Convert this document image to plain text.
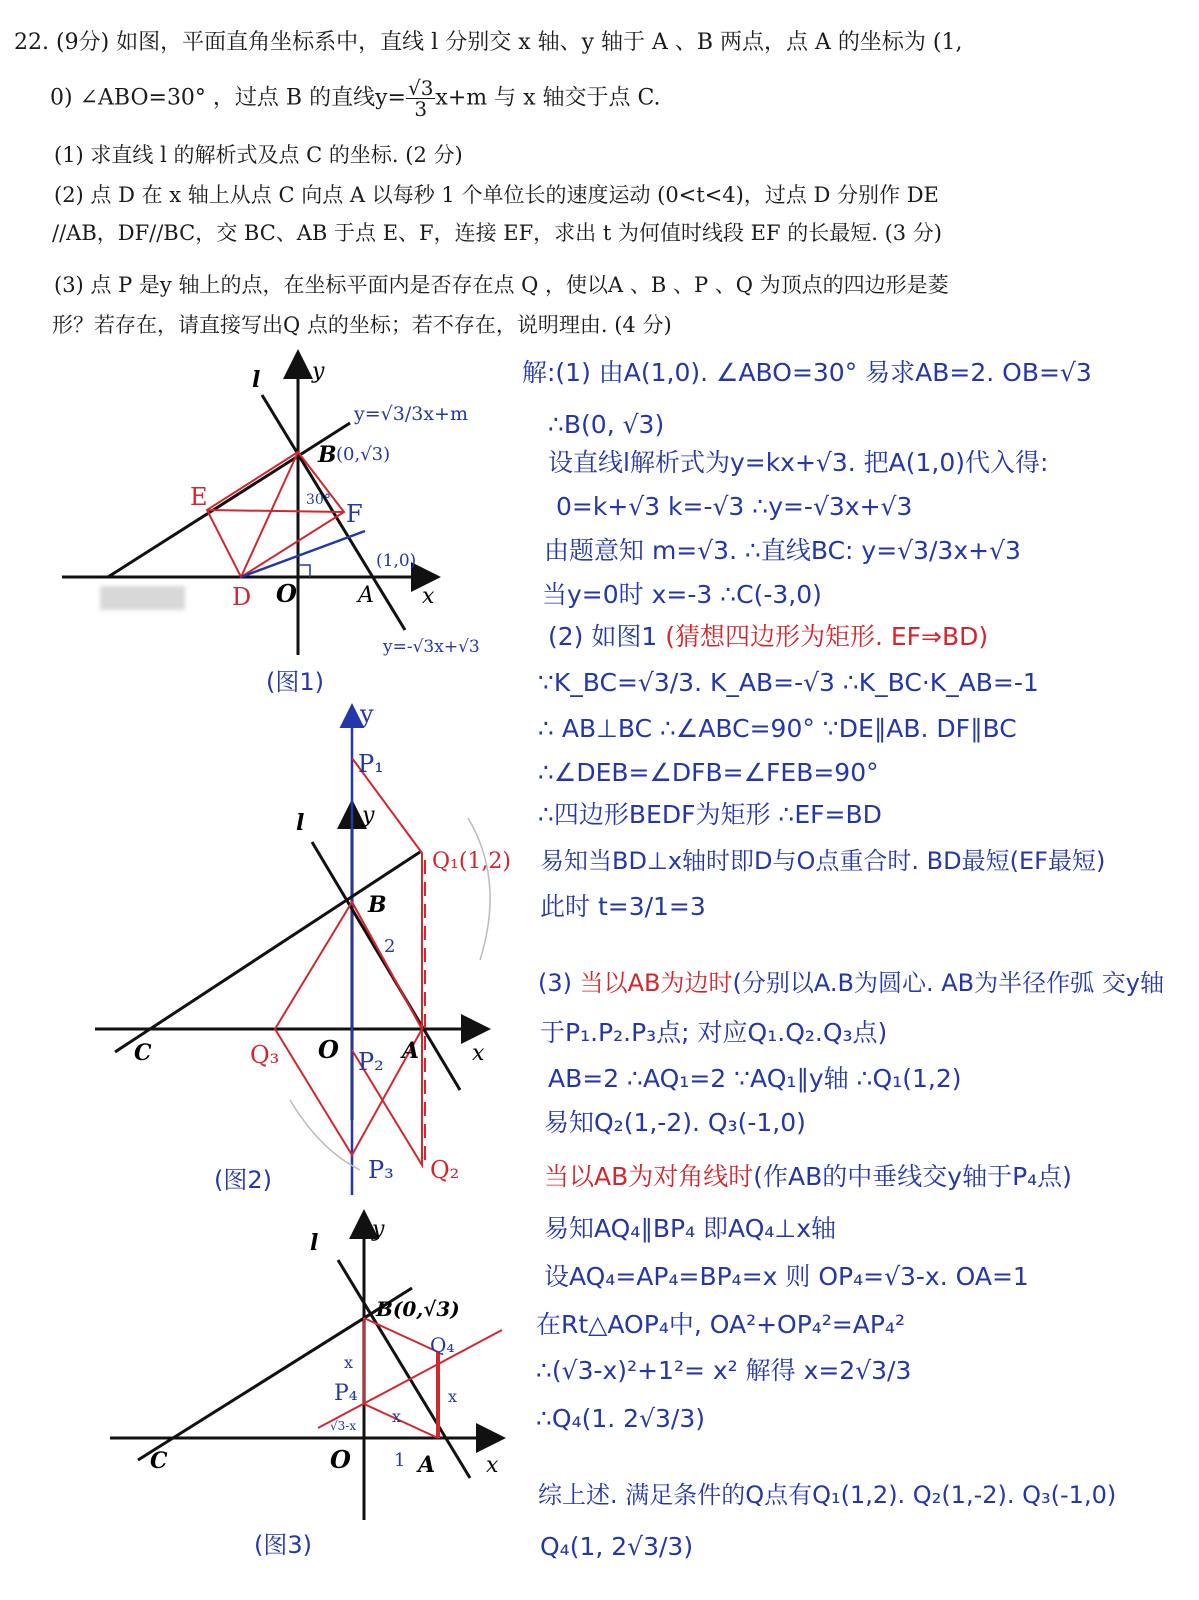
22. (9分) 如图，平面直角坐标系中，直线 l 分别交 x 轴、y 轴于 A 、B 两点，点 A 的坐标为 (1,
0) ∠ABO=30° ，过点 B 的直线$y= \frac{√3}{3} x+m$ 与 x 轴交于点 C.
(1) 求直线 l 的解析式及点 C 的坐标. (2 分)
(2) 点 D 在 x 轴上从点 C 向点 A 以每秒 1 个单位长的速度运动 (0<t<4)，过点 D 分别作 DE
//AB，DF//BC，交 BC、AB 于点 E、F，连接 EF，求出 t 为何值时线段 EF 的长最短. (3 分)
(3) 点 P 是y 轴上的点，在坐标平面内是否存在点 Q ，使以A 、B 、P 、Q 为顶点的四边形是菱
形？若存在，请直接写出Q 点的坐标；若不存在，说明理由. (4 分)
l y
x
O	A
B (0,√3)
(1,0)
30°
E
F
D
y=√3/3x+m
y=-√3x+√3
y
y
l
x
O	A
B
C
P₁
P₂
P₃
Q₁(1,2)
Q₂
Q₃
2
y
l
x
O	A
C
B(0,√3)
P₄
Q₄
x
x
x
1
√3-x
(图1)
(图2)
(图3)
解:(1) 由A(1,0). ∠ABO=30° 易求AB=2. OB=√3
∴B(0, √3)
设直线l解析式为y=kx+√3. 把A(1,0)代入得:
0=k+√3 k=-√3 ∴y=-√3x+√3
由题意知 m=√3. ∴直线BC: y=√3/3x+√3
当y=0时 x=-3 ∴C(-3,0)
(2) 如图1 (猜想四边形为矩形. EF⇒BD)
∵K_BC=√3/3. K_AB=-√3 ∴K_BC·K_AB=-1
∴ AB⊥BC ∴∠ABC=90° ∵DE∥AB. DF∥BC
∴∠DEB=∠DFB=∠FEB=90°
∴四边形BEDF为矩形 ∴EF=BD
易知当BD⊥x轴时即D与O点重合时. BD最短(EF最短)
此时 t=3/1=3
(3) 当以AB为边时(分别以A.B为圆心. AB为半径作弧 交y轴
于P₁.P₂.P₃点; 对应Q₁.Q₂.Q₃点)
AB=2 ∴AQ₁=2 ∵AQ₁∥y轴 ∴Q₁(1,2)
易知Q₂(1,-2). Q₃(-1,0)
当以AB为对角线时(作AB的中垂线交y轴于P₄点)
易知AQ₄∥BP₄ 即AQ₄⊥x轴
设AQ₄=AP₄=BP₄=x 则 OP₄=√3-x. OA=1
在Rt△AOP₄中, OA²+OP₄²=AP₄²
∴(√3-x)²+1²= x² 解得 x=2√3/3
∴Q₄(1. 2√3/3)
综上述. 满足条件的Q点有Q₁(1,2). Q₂(1,-2). Q₃(-1,0)
Q₄(1, 2√3/3)
